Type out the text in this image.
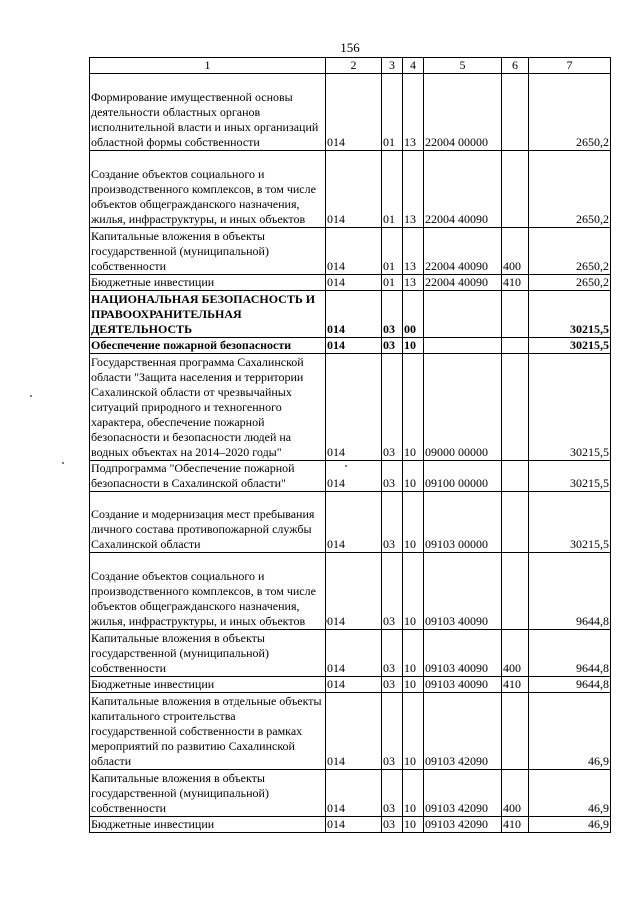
156
1	2	3	4	5	6	7
Формирование имущественной основы деятельности областных органов исполнительной власти и иных организаций областной формы собственности	014	01	13	22004 00000		2650,2
Создание объектов социального и производственного комплексов, в том числе объектов общегражданского назначения, жилья, инфраструктуры, и иных объектов	014	01	13	22004 40090		2650,2
Капитальные вложения в объекты государственной (муниципальной) собственности	014	01	13	22004 40090	400	2650,2
Бюджетные инвестиции	014	01	13	22004 40090	410	2650,2
НАЦИОНАЛЬНАЯ БЕЗОПАСНОСТЬ И ПРАВООХРАНИТЕЛЬНАЯ ДЕЯТЕЛЬНОСТЬ	014	03	00			30215,5
Обеспечение пожарной безопасности	014	03	10			30215,5
Государственная программа Сахалинской области "Защита населения и территории Сахалинской области от чрезвычайных ситуаций природного и техногенного характера, обеспечение пожарной безопасности и безопасности людей на водных объектах на 2014–2020 годы"	014	03	10	09000 00000		30215,5
Подпрограмма "Обеспечение пожарной безопасности в Сахалинской области"	014	03	10	09100 00000		30215,5
Создание и модернизация мест пребывания личного состава противопожарной службы Сахалинской области	014	03	10	09103 00000		30215,5
Создание объектов социального и производственного комплексов, в том числе объектов общегражданского назначения, жилья, инфраструктуры, и иных объектов	014	03	10	09103 40090		9644,8
Капитальные вложения в объекты государственной (муниципальной) собственности	014	03	10	09103 40090	400	9644,8
Бюджетные инвестиции	014	03	10	09103 40090	410	9644,8
Капитальные вложения в отдельные объекты капитального строительства государственной собственности в рамках мероприятий по развитию Сахалинской области	014	03	10	09103 42090		46,9
Капитальные вложения в объекты государственной (муниципальной) собственности	014	03	10	09103 42090	400	46,9
Бюджетные инвестиции	014	03	10	09103 42090	410	46,9
